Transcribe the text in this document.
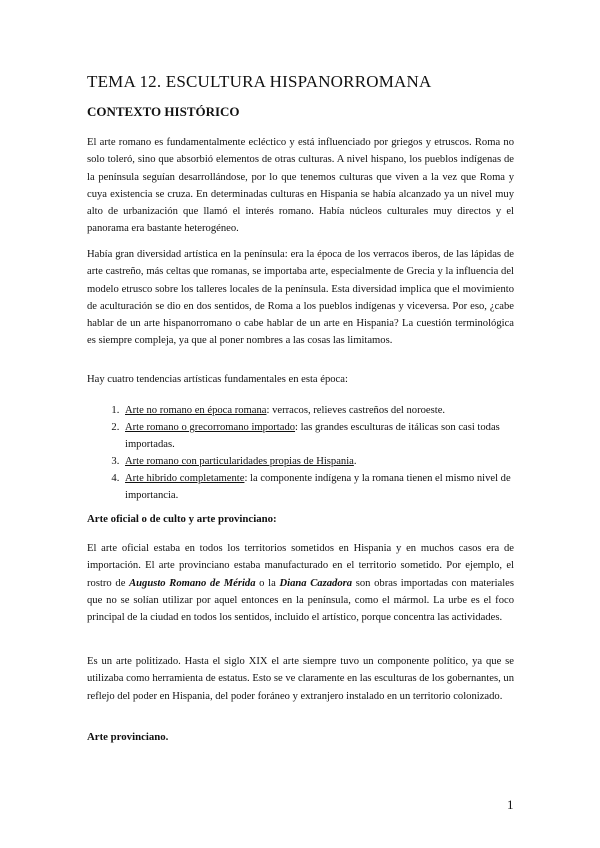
TEMA 12. ESCULTURA HISPANORROMANA
CONTEXTO HISTÓRICO

El arte romano es fundamentalmente ecléctico y está influenciado por griegos y etruscos. Roma no solo toleró, sino que absorbió elementos de otras culturas. A nivel hispano, los pueblos indígenas de la península seguían desarrollándose, por lo que tenemos culturas que viven a la vez que Roma y cuya existencia se cruza. En determinadas culturas en Hispania se había alcanzado ya un nivel muy alto de urbanización que llamó el interés romano. Había núcleos culturales muy directos y el panorama era bastante heterogéneo.

Había gran diversidad artística en la península: era la época de los verracos iberos, de las lápidas de arte castreño, más celtas que romanas, se importaba arte, especialmente de Grecia y la influencia del modelo etrusco sobre los talleres locales de la península. Esta diversidad implica que el movimiento de aculturación se dio en dos sentidos, de Roma a los pueblos indígenas y viceversa. Por eso, ¿cabe hablar de un arte hispanorromano o cabe hablar de un arte en Hispania? La cuestión terminológica es siempre compleja, ya que al poner nombres a las cosas las limitamos.

Hay cuatro tendencias artísticas fundamentales en esta época:

1. Arte no romano en época romana: verracos, relieves castreños del noroeste.
2. Arte romano o grecorromano importado: las grandes esculturas de itálicas son casi todas importadas.
3. Arte romano con particularidades propias de Hispania.
4. Arte hibrido completamente: la componente indígena y la romana tienen el mismo nivel de importancia.
Arte oficial o de culto y arte provinciano:

El arte oficial estaba en todos los territorios sometidos en Hispania y en muchos casos era de importación. El arte provinciano estaba manufacturado en el territorio sometido. Por ejemplo, el rostro de Augusto Romano de Mérida o la Diana Cazadora son obras importadas con materiales que no se solían utilizar por aquel entonces en la península, como el mármol. La urbe es el foco principal de la ciudad en todos los sentidos, incluido el artístico, porque concentra las actividades.

Es un arte politizado. Hasta el siglo XIX el arte siempre tuvo un componente político, ya que se utilizaba como herramienta de estatus. Esto se ve claramente en las esculturas de los gobernantes, un reflejo del poder en Hispania, del poder foráneo y extranjero instalado en un territorio colonizado.

Arte provinciano.
1
